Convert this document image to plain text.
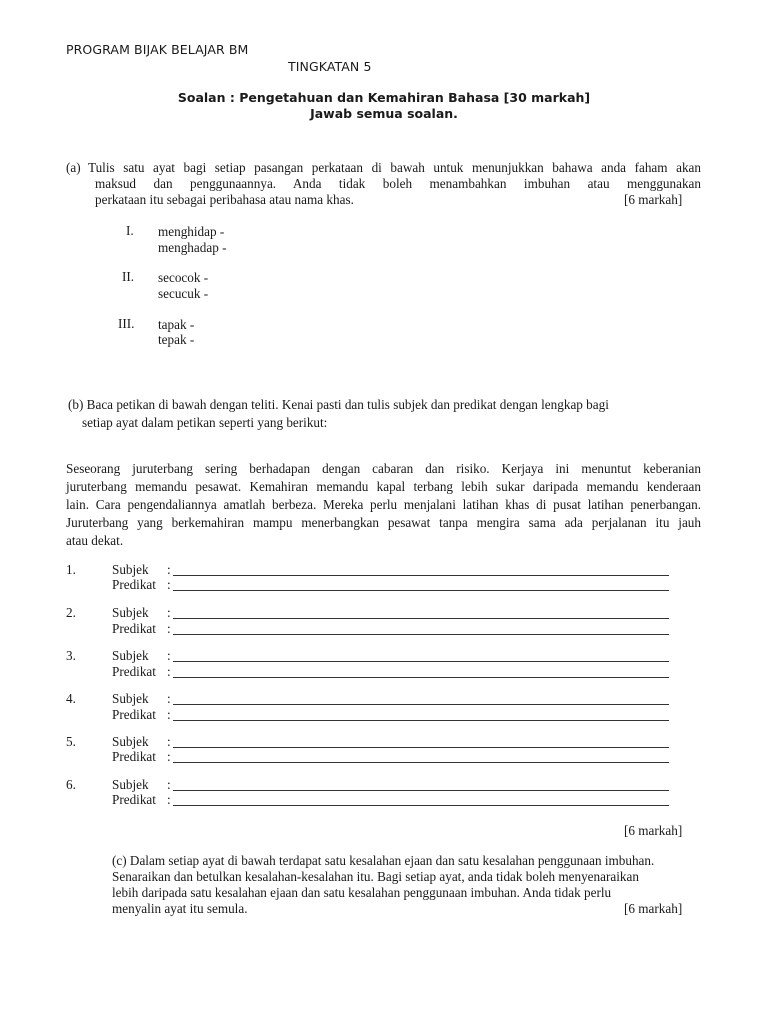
PROGRAM BIJAK BELAJAR BM
TINGKATAN 5
Soalan : Pengetahuan dan Kemahiran Bahasa [30 markah]
Jawab semua soalan.
(a) Tulis satu ayat bagi setiap pasangan perkataan di bawah untuk menunjukkan bahawa anda faham akan
maksud dan penggunaannya. Anda tidak boleh menambahkan imbuhan atau menggunakan
perkataan itu sebagai peribahasa atau nama khas.	[6 markah]
I. menghidap -
menghadap -
II. secocok -
secucuk -
III. tapak -
tepak -
(b) Baca petikan di bawah dengan teliti. Kenai pasti dan tulis subjek dan predikat dengan lengkap bagi
setiap ayat dalam petikan seperti yang berikut:
Seseorang juruterbang sering berhadapan dengan cabaran dan risiko. Kerjaya ini menuntut keberanian
juruterbang memandu pesawat. Kemahiran memandu kapal terbang lebih sukar daripada memandu kenderaan
lain. Cara pengendaliannya amatlah berbeza. Mereka perlu menjalani latihan khas di pusat latihan penerbangan.
Juruterbang yang berkemahiran mampu menerbangkan pesawat tanpa mengira sama ada perjalanan itu jauh
atau dekat.
1.	Subjek :
Predikat :
2.	Subjek :
Predikat :
3.	Subjek :
Predikat :
4.	Subjek :
Predikat :
5.	Subjek :
Predikat :
6.	Subjek :
Predikat :
[6 markah]
(c) Dalam setiap ayat di bawah terdapat satu kesalahan ejaan dan satu kesalahan penggunaan imbuhan.
Senaraikan dan betulkan kesalahan-kesalahan itu. Bagi setiap ayat, anda tidak boleh menyenaraikan
lebih daripada satu kesalahan ejaan dan satu kesalahan penggunaan imbuhan. Anda tidak perlu
menyalin ayat itu semula.	[6 markah]
